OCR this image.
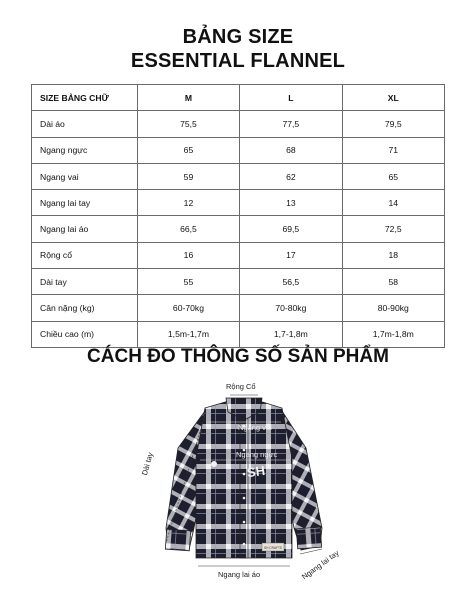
BẢNG SIZE
ESSENTIAL FLANNEL
SIZE BẢNG CHỮ	M	L	XL
Dài áo	75,5	77,5	79,5
Ngang ngực	65	68	71
Ngang vai	59	62	65
Ngang lai tay	12	13	14
Ngang lai áo	66,5	69,5	72,5
Rộng cổ	16	17	18
Dài tay	55	56,5	58
Cân nặng (kg)	60-70kg	70-80kg	80-90kg
Chiều cao (m)	1,5m-1,7m	1,7-1,8m	1,7m-1,8m
CÁCH ĐO THÔNG SỐ SẢN PHẨM
SH
SH CRAFTS
Rộng Cổ
Ngang vai
Ngang ngực
Dài tay
Ngang lai áo	Ngang lai tay
